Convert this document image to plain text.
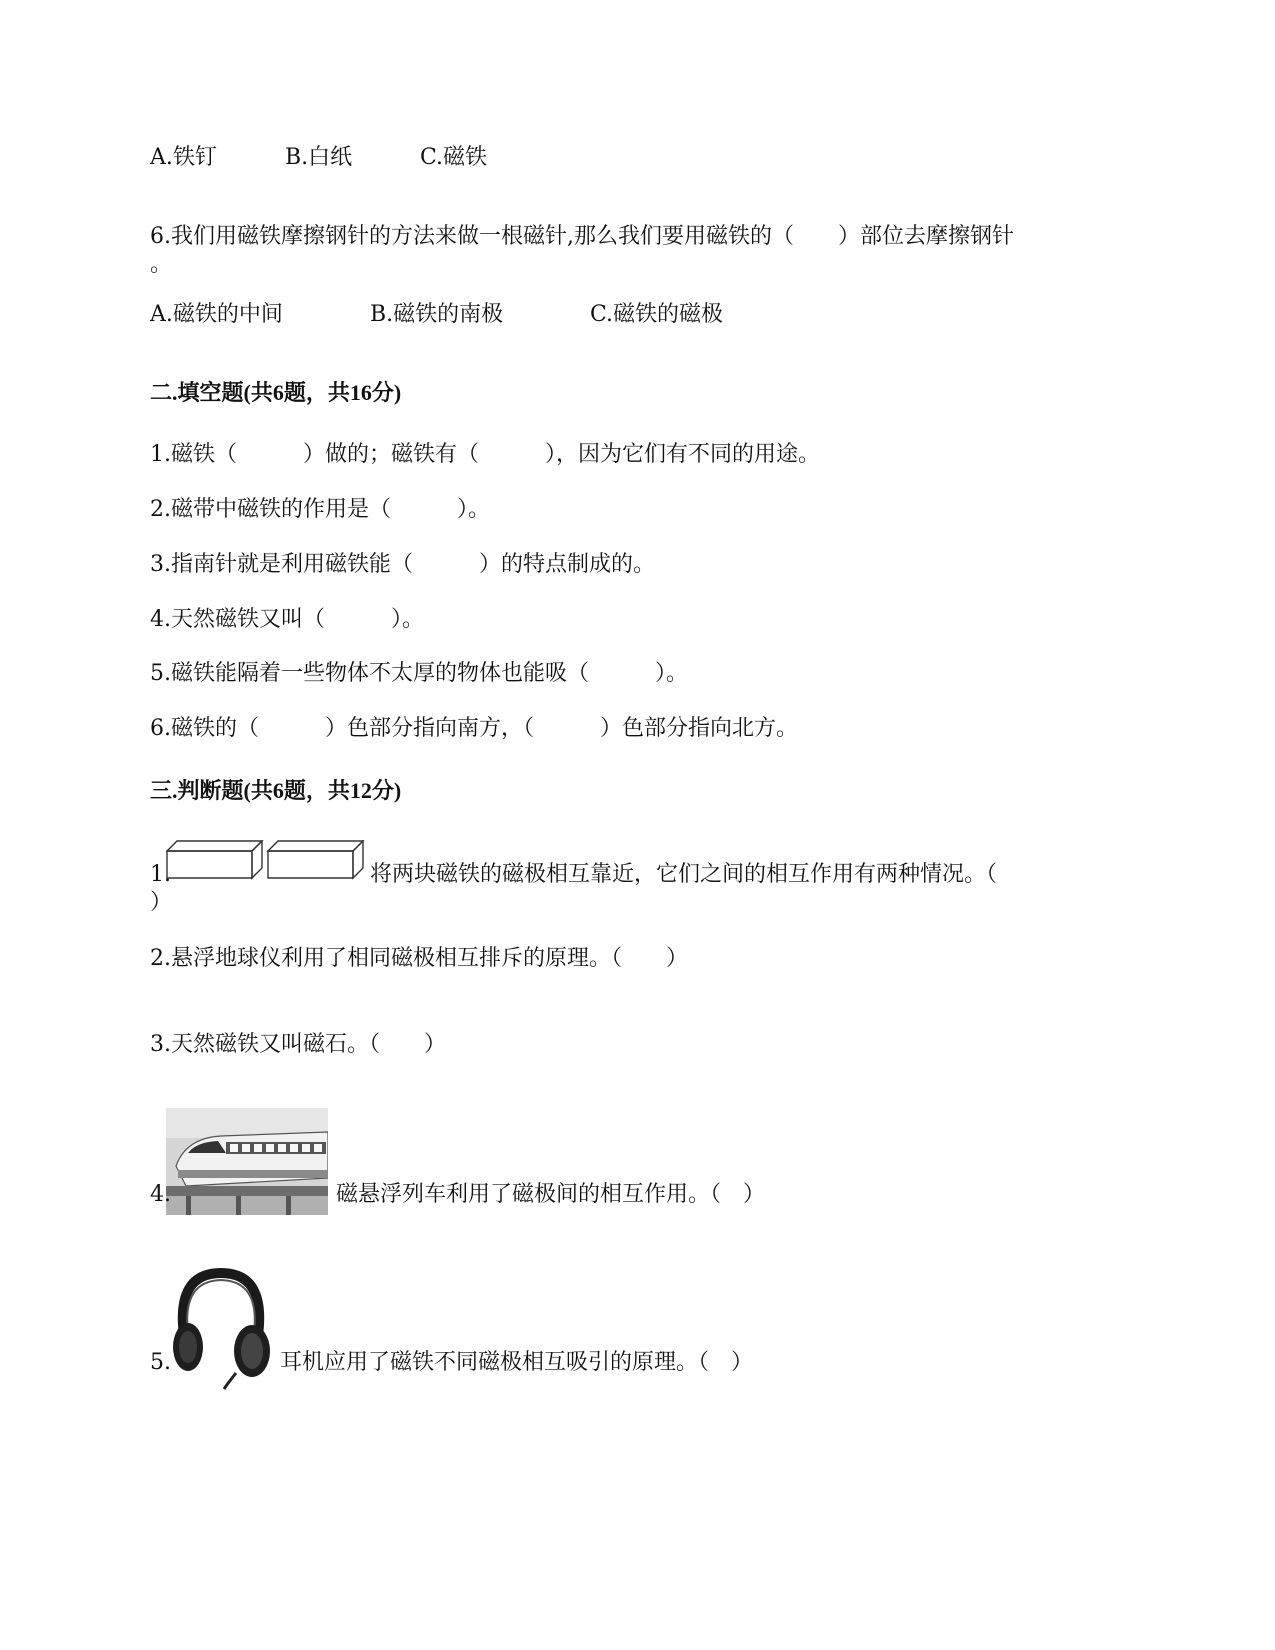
A.铁钉	B.白纸	C.磁铁
6.我们用磁铁摩擦钢针的方法来做一根磁针,那么我们要用磁铁的（　　）部位去摩擦钢针
。
A.磁铁的中间	B.磁铁的南极	C.磁铁的磁极
二.填空题(共6题，共16分)
1.磁铁（　　　）做的；磁铁有（　　　），因为它们有不同的用途。
2.磁带中磁铁的作用是（　　　）。
3.指南针就是利用磁铁能（　　　）的特点制成的。
4.天然磁铁又叫（　　　）。
5.磁铁能隔着一些物体不太厚的物体也能吸（　　　）。
6.磁铁的（　　　）色部分指向南方，（　　　）色部分指向北方。
三.判断题(共6题，共12分)
1.	将两块磁铁的磁极相互靠近，它们之间的相互作用有两种情况。（
）
2.悬浮地球仪利用了相同磁极相互排斥的原理。（　　）
3.天然磁铁又叫磁石。（　　）
4.	磁悬浮列车利用了磁极间的相互作用。（　）
5.	耳机应用了磁铁不同磁极相互吸引的原理。（　）
